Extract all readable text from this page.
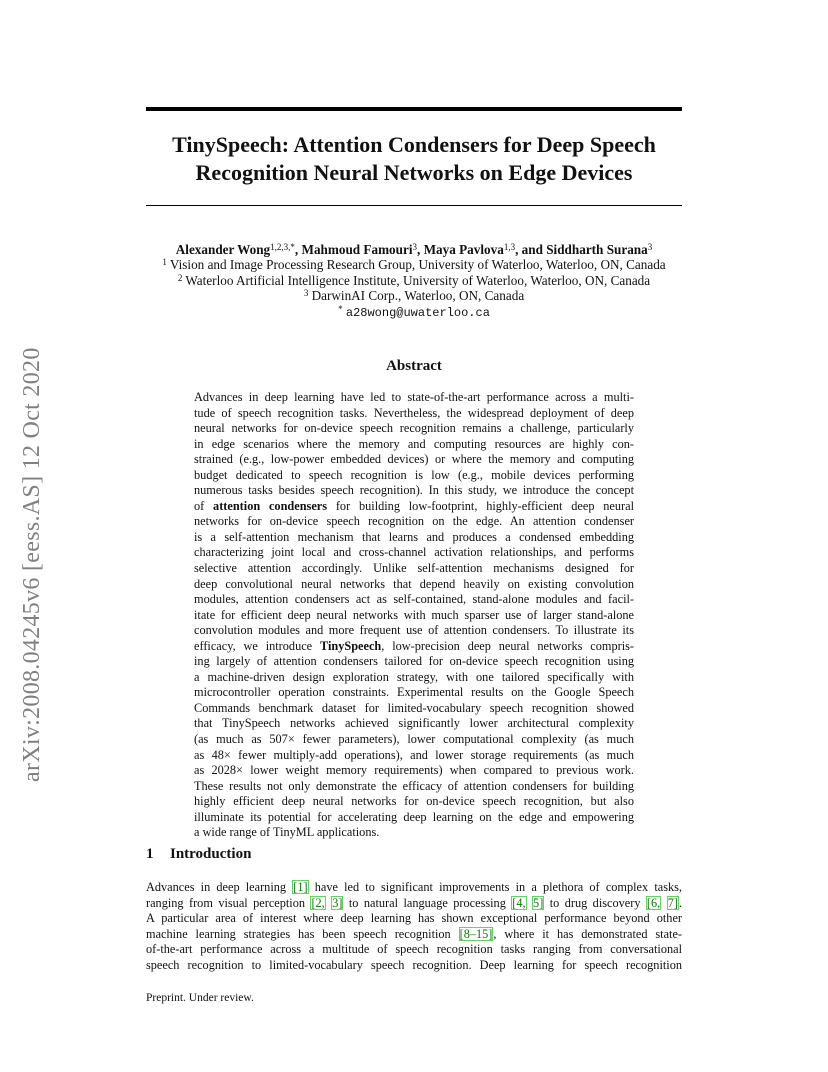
arXiv:2008.04245v6 [eess.AS] 12 Oct 2020
TinySpeech: Attention Condensers for Deep Speech
Recognition Neural Networks on Edge Devices
Alexander Wong$^{1,2,3,*}$, Mahmoud Famouri$^3$, Maya Pavlova$^{1,3}$, and Siddharth Surana$^3$
$^1$ Vision and Image Processing Research Group, University of Waterloo, Waterloo, ON, Canada
$^2$ Waterloo Artificial Intelligence Institute, University of Waterloo, Waterloo, ON, Canada
$^3$ DarwinAI Corp., Waterloo, ON, Canada
* a28wong@uwaterloo.ca
Abstract
Advances in deep learning have led to state-of-the-art performance across a multi-
tude of speech recognition tasks. Nevertheless, the widespread deployment of deep
neural networks for on-device speech recognition remains a challenge, particularly
in edge scenarios where the memory and computing resources are highly con-
strained (e.g., low-power embedded devices) or where the memory and computing
budget dedicated to speech recognition is low (e.g., mobile devices performing
numerous tasks besides speech recognition). In this study, we introduce the concept
of attention condensers for building low-footprint, highly-efficient deep neural
networks for on-device speech recognition on the edge. An attention condenser
is a self-attention mechanism that learns and produces a condensed embedding
characterizing joint local and cross-channel activation relationships, and performs
selective attention accordingly. Unlike self-attention mechanisms designed for
deep convolutional neural networks that depend heavily on existing convolution
modules, attention condensers act as self-contained, stand-alone modules and facil-
itate for efficient deep neural networks with much sparser use of larger stand-alone
convolution modules and more frequent use of attention condensers. To illustrate its
efficacy, we introduce TinySpeech, low-precision deep neural networks compris-
ing largely of attention condensers tailored for on-device speech recognition using
a machine-driven design exploration strategy, with one tailored specifically with
microcontroller operation constraints. Experimental results on the Google Speech
Commands benchmark dataset for limited-vocabulary speech recognition showed
that TinySpeech networks achieved significantly lower architectural complexity
(as much as 507× fewer parameters), lower computational complexity (as much
as 48× fewer multiply-add operations), and lower storage requirements (as much
as 2028× lower weight memory requirements) when compared to previous work.
These results not only demonstrate the efficacy of attention condensers for building
highly efficient deep neural networks for on-device speech recognition, but also
illuminate its potential for accelerating deep learning on the edge and empowering
a wide range of TinyML applications.
1 Introduction
Advances in deep learning [1] have led to significant improvements in a plethora of complex tasks,
ranging from visual perception [2, 3] to natural language processing [4, 5] to drug discovery [6, 7].
A particular area of interest where deep learning has shown exceptional performance beyond other
machine learning strategies has been speech recognition [8–15], where it has demonstrated state-
of-the-art performance across a multitude of speech recognition tasks ranging from conversational
speech recognition to limited-vocabulary speech recognition. Deep learning for speech recognition
Preprint. Under review.
